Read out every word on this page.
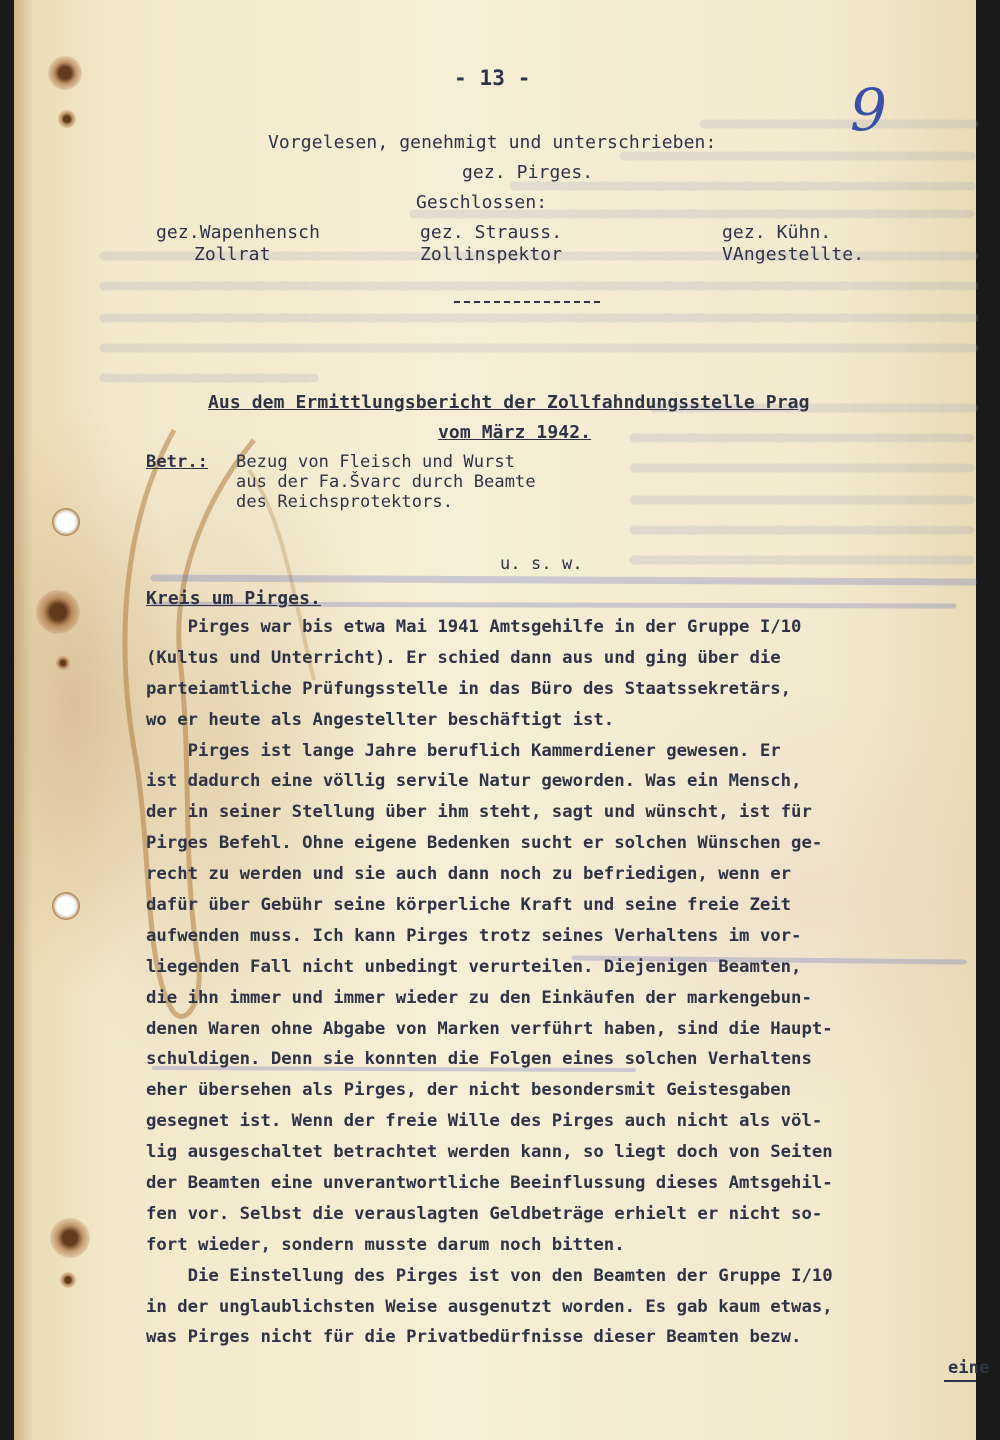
- 13 -	9
Vorgelesen, genehmigt und unterschrieben:
gez. Pirges.
Geschlossen:
gez.Wapenhensch
Zollrat
gez. Strauss.
Zollinspektor
gez. Kühn.
VAngestellte.
Aus dem Ermittlungsbericht der Zollfahndungsstelle Prag
vom März 1942.
Betr.: Bezug von Fleisch und Wurst
aus der Fa.Švarc durch Beamte
des Reichsprotektors.
u. s. w.
Kreis um Pirges.
Pirges war bis etwa Mai 1941 Amtsgehilfe in der Gruppe I/10
(Kultus und Unterricht). Er schied dann aus und ging über die
parteiamtliche Prüfungsstelle in das Büro des Staatssekretärs,
wo er heute als Angestellter beschäftigt ist.
Pirges ist lange Jahre beruflich Kammerdiener gewesen. Er
ist dadurch eine völlig servile Natur geworden. Was ein Mensch,
der in seiner Stellung über ihm steht, sagt und wünscht, ist für
Pirges Befehl. Ohne eigene Bedenken sucht er solchen Wünschen ge-
recht zu werden und sie auch dann noch zu befriedigen, wenn er
dafür über Gebühr seine körperliche Kraft und seine freie Zeit
aufwenden muss. Ich kann Pirges trotz seines Verhaltens im vor-
liegenden Fall nicht unbedingt verurteilen. Diejenigen Beamten,
die ihn immer und immer wieder zu den Einkäufen der markengebun-
denen Waren ohne Abgabe von Marken verführt haben, sind die Haupt-
schuldigen. Denn sie konnten die Folgen eines solchen Verhaltens
eher übersehen als Pirges, der nicht besondersmit Geistesgaben
gesegnet ist. Wenn der freie Wille des Pirges auch nicht als völ-
lig ausgeschaltet betrachtet werden kann, so liegt doch von Seiten
der Beamten eine unverantwortliche Beeinflussung dieses Amtsgehil-
fen vor. Selbst die verauslagten Geldbeträge erhielt er nicht so-
fort wieder, sondern musste darum noch bitten.
Die Einstellung des Pirges ist von den Beamten der Gruppe I/10
in der unglaublichsten Weise ausgenutzt worden. Es gab kaum etwas,
was Pirges nicht für die Privatbedürfnisse dieser Beamten bezw.
eine
